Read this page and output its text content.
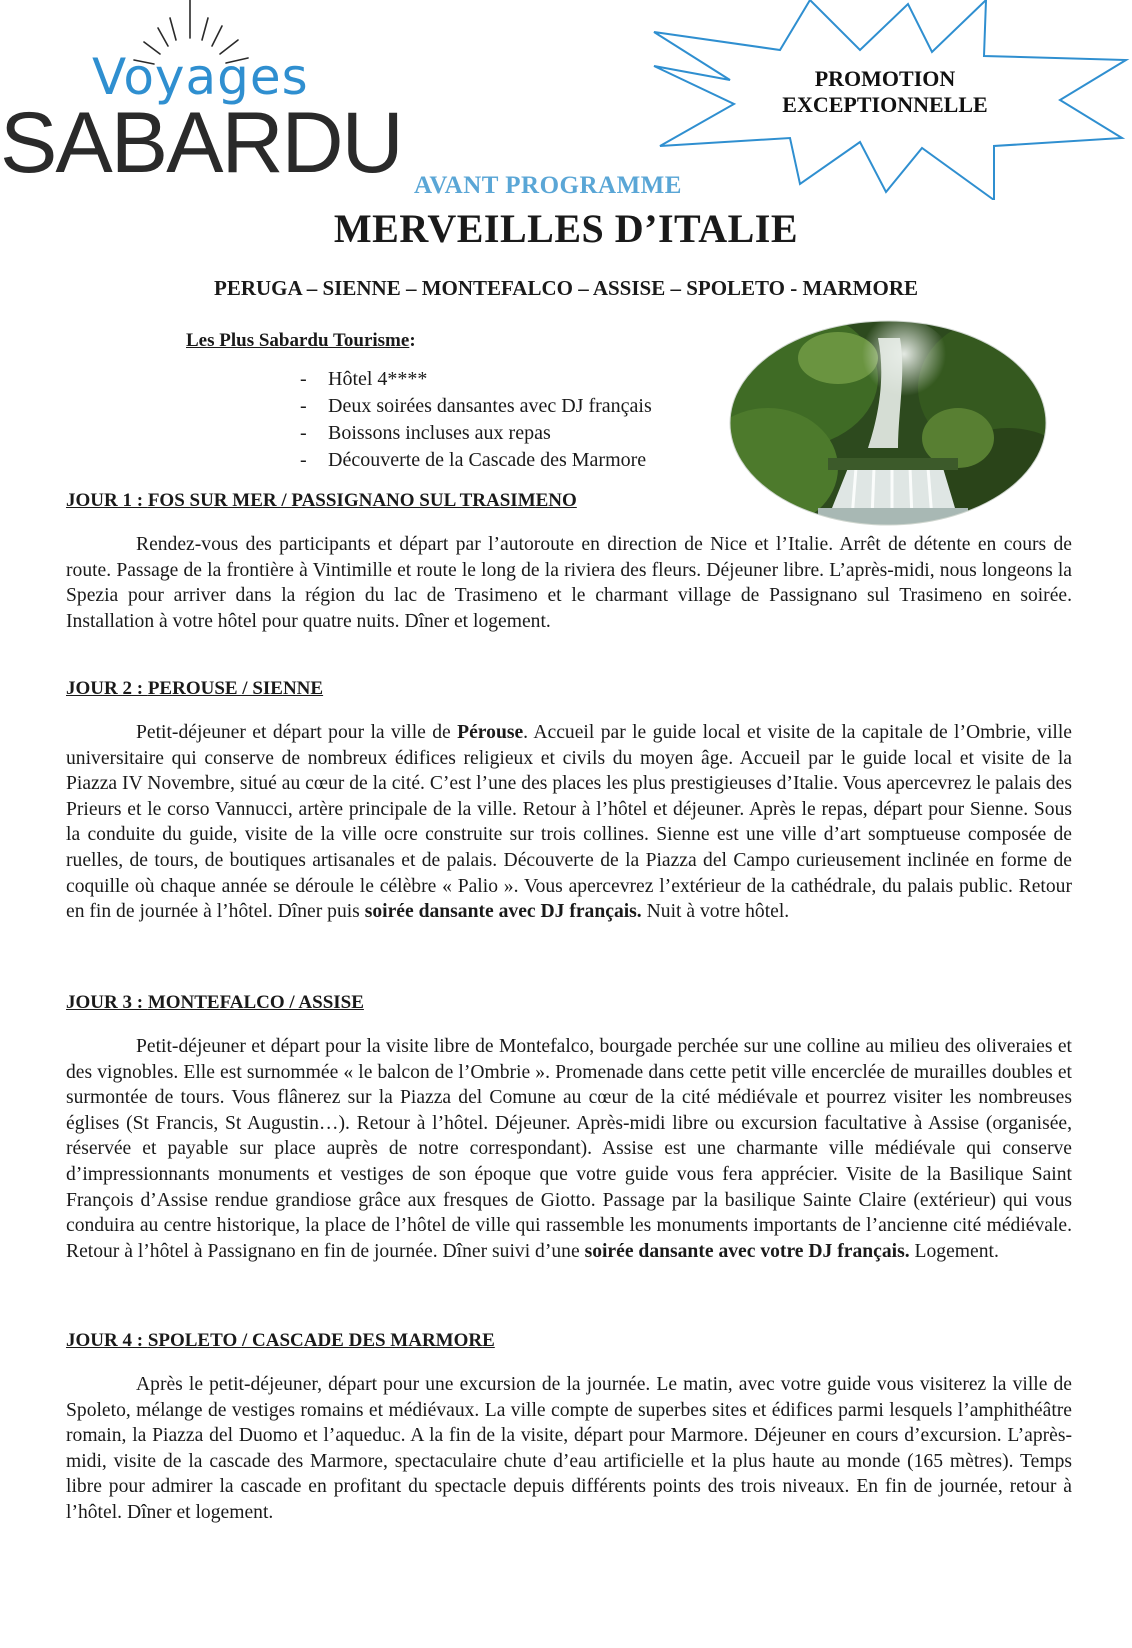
Voyages
SABARDU
PROMOTION
EXCEPTIONNELLE
AVANT PROGRAMME
MERVEILLES D’ITALIE
PERUGA – SIENNE – MONTEFALCO – ASSISE – SPOLETO - MARMORE
Les Plus Sabardu Tourisme:
- Hôtel 4****
- Deux soirées dansantes avec DJ français
- Boissons incluses aux repas
- Découverte de la Cascade des Marmore

JOUR 1 : FOS SUR MER / PASSIGNANO SUL TRASIMENO

Rendez-vous des participants et départ par l’autoroute en direction de Nice et l’Italie. Arrêt de détente en cours de route. Passage de la frontière à Vintimille et route le long de la riviera des fleurs. Déjeuner libre. L’après-midi, nous longeons la Spezia pour arriver dans la région du lac de Trasimeno et le charmant village de Passignano sul Trasimeno en soirée. Installation à votre hôtel pour quatre nuits. Dîner et logement.

JOUR 2 : PEROUSE / SIENNE

Petit-déjeuner et départ pour la ville de Pérouse. Accueil par le guide local et visite de la capitale de l’Ombrie, ville universitaire qui conserve de nombreux édifices religieux et civils du moyen âge. Accueil par le guide local et visite de la Piazza IV Novembre, situé au cœur de la cité. C’est l’une des places les plus prestigieuses d’Italie. Vous apercevrez le palais des Prieurs et le corso Vannucci, artère principale de la ville. Retour à l’hôtel et déjeuner. Après le repas, départ pour Sienne. Sous la conduite du guide, visite de la ville ocre construite sur trois collines. Sienne est une ville d’art somptueuse composée de ruelles, de tours, de boutiques artisanales et de palais. Découverte de la Piazza del Campo curieusement inclinée en forme de coquille où chaque année se déroule le célèbre « Palio ». Vous apercevrez l’extérieur de la cathédrale, du palais public. Retour en fin de journée à l’hôtel. Dîner puis soirée dansante avec DJ français. Nuit à votre hôtel.

JOUR 3 : MONTEFALCO / ASSISE

Petit-déjeuner et départ pour la visite libre de Montefalco, bourgade perchée sur une colline au milieu des oliveraies et des vignobles. Elle est surnommée « le balcon de l’Ombrie ». Promenade dans cette petit ville encerclée de murailles doubles et surmontée de tours. Vous flânerez sur la Piazza del Comune au cœur de la cité médiévale et pourrez visiter les nombreuses églises (St Francis, St Augustin…). Retour à l’hôtel. Déjeuner. Après-midi libre ou excursion facultative à Assise (organisée, réservée et payable sur place auprès de notre correspondant). Assise est une charmante ville médiévale qui conserve d’impressionnants monuments et vestiges de son époque que votre guide vous fera apprécier. Visite de la Basilique Saint François d’Assise rendue grandiose grâce aux fresques de Giotto. Passage par la basilique Sainte Claire (extérieur) qui vous conduira au centre historique, la place de l’hôtel de ville qui rassemble les monuments importants de l’ancienne cité médiévale. Retour à l’hôtel à Passignano en fin de journée. Dîner suivi d’une soirée dansante avec votre DJ français. Logement.

JOUR 4 : SPOLETO / CASCADE DES MARMORE

Après le petit-déjeuner, départ pour une excursion de la journée. Le matin, avec votre guide vous visiterez la ville de Spoleto, mélange de vestiges romains et médiévaux. La ville compte de superbes sites et édifices parmi lesquels l’amphithéâtre romain, la Piazza del Duomo et l’aqueduc. A la fin de la visite, départ pour Marmore. Déjeuner en cours d’excursion. L’après-midi, visite de la cascade des Marmore, spectaculaire chute d’eau artificielle et la plus haute au monde (165 mètres). Temps libre pour admirer la cascade en profitant du spectacle depuis différents points des trois niveaux. En fin de journée, retour à l’hôtel. Dîner et logement.
